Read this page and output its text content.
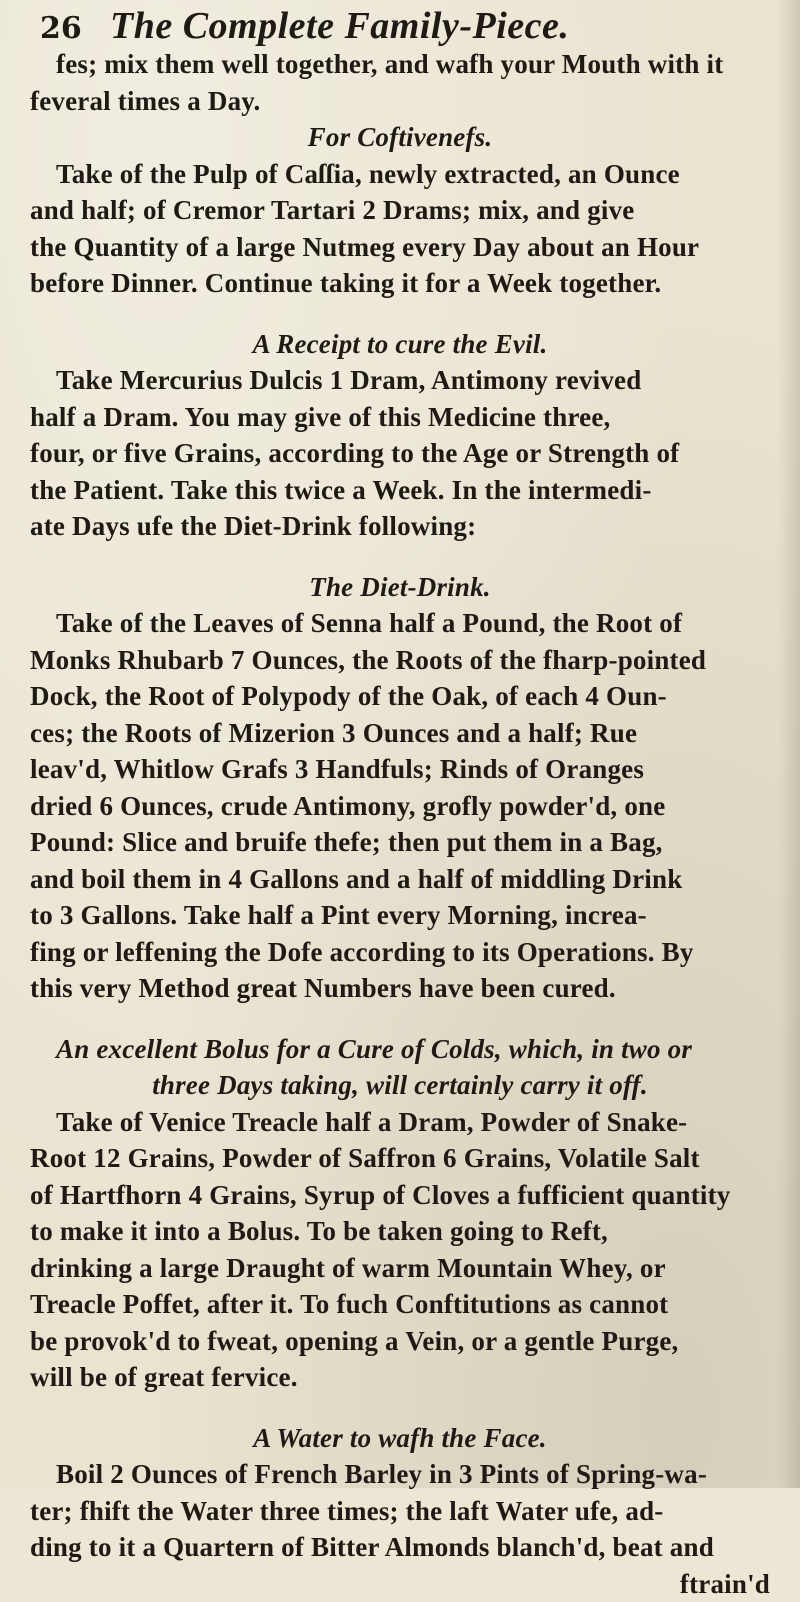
26 The Complete Family-Piece.
fes; mix them well together, and wafh your Mouth with it
feveral times a Day.
For Coftivenefs.
Take of the Pulp of Caſſia, newly extracted, an Ounce
and half; of Cremor Tartari 2 Drams; mix, and give
the Quantity of a large Nutmeg every Day about an Hour
before Dinner. Continue taking it for a Week together.
A Receipt to cure the Evil.
Take Mercurius Dulcis 1 Dram, Antimony revived
half a Dram. You may give of this Medicine three,
four, or five Grains, according to the Age or Strength of
the Patient. Take this twice a Week. In the intermedi-
ate Days ufe the Diet-Drink following:
The Diet-Drink.
Take of the Leaves of Senna half a Pound, the Root of
Monks Rhubarb 7 Ounces, the Roots of the fharp-pointed
Dock, the Root of Polypody of the Oak, of each 4 Oun-
ces; the Roots of Mizerion 3 Ounces and a half; Rue
leav'd, Whitlow Grafs 3 Handfuls; Rinds of Oranges
dried 6 Ounces, crude Antimony, grofly powder'd, one
Pound: Slice and bruife thefe; then put them in a Bag,
and boil them in 4 Gallons and a half of middling Drink
to 3 Gallons. Take half a Pint every Morning, increa-
fing or leffening the Dofe according to its Operations. By
this very Method great Numbers have been cured.
An excellent Bolus for a Cure of Colds, which, in two or
three Days taking, will certainly carry it off.
Take of Venice Treacle half a Dram, Powder of Snake-
Root 12 Grains, Powder of Saffron 6 Grains, Volatile Salt
of Hartfhorn 4 Grains, Syrup of Cloves a fufficient quantity
to make it into a Bolus. To be taken going to Reft,
drinking a large Draught of warm Mountain Whey, or
Treacle Poffet, after it. To fuch Conftitutions as cannot
be provok'd to fweat, opening a Vein, or a gentle Purge,
will be of great fervice.
A Water to wafh the Face.
Boil 2 Ounces of French Barley in 3 Pints of Spring-wa-
ter; fhift the Water three times; the laft Water ufe, ad-
ding to it a Quartern of Bitter Almonds blanch'd, beat and
ftrain'd
